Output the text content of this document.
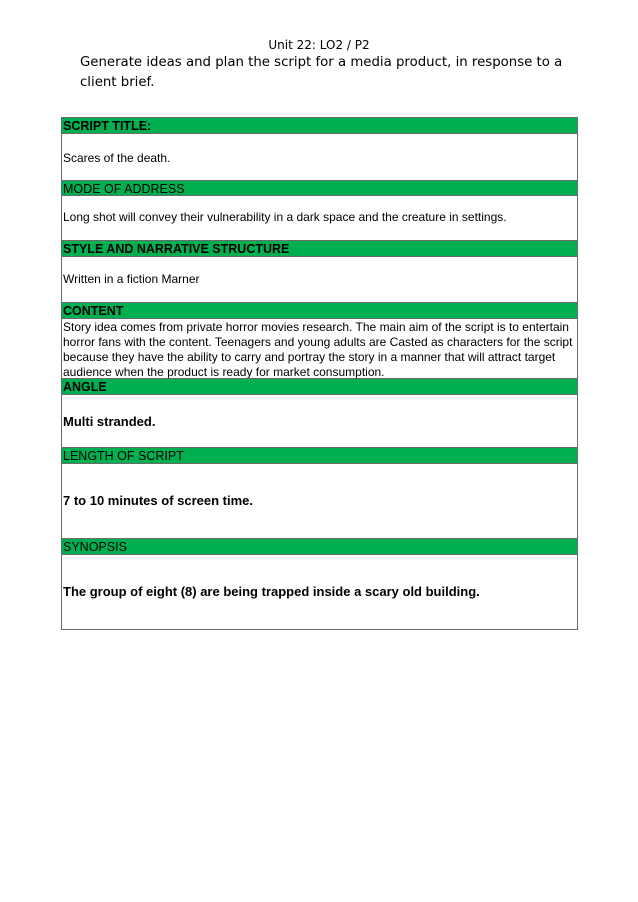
Unit 22: LO2 / P2
Generate ideas and plan the script for a media product, in response to a client brief.
SCRIPT TITLE:
Scares of the death.
MODE OF ADDRESS
Long shot will convey their vulnerability in a dark space and the creature in settings.
STYLE AND NARRATIVE STRUCTURE
Written in a fiction Marner
CONTENT
Story idea comes from private horror movies research. The main aim of the script is to entertain horror fans with the content. Teenagers and young adults are Casted as characters for the script because they have the ability to carry and portray the story in a manner that will attract target audience when the product is ready for market consumption.
ANGLE
Multi stranded.
LENGTH OF SCRIPT
7 to 10 minutes of screen time.
SYNOPSIS
The group of eight (8) are being trapped inside a scary old building.
